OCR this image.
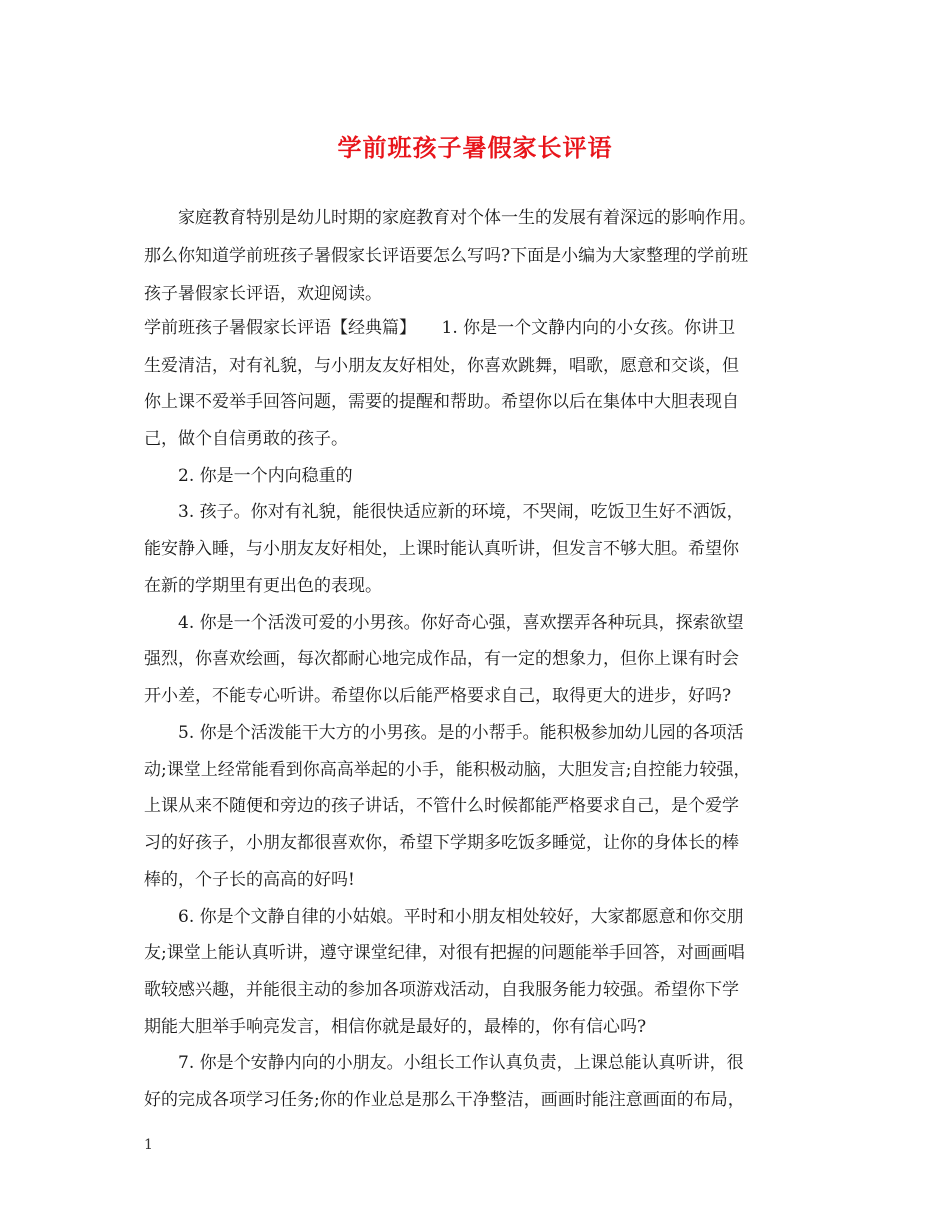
学前班孩子暑假家长评语
家庭教育特别是幼儿时期的家庭教育对个体一生的发展有着深远的影响作用。
那么你知道学前班孩子暑假家长评语要怎么写吗?下面是小编为大家整理的学前班
孩子暑假家长评语，欢迎阅读。
学前班孩子暑假家长评语【经典篇】　　1. 你是一个文静内向的小女孩。你讲卫
生爱清洁，对有礼貌，与小朋友友好相处，你喜欢跳舞，唱歌，愿意和交谈，但
你上课不爱举手回答问题，需要的提醒和帮助。希望你以后在集体中大胆表现自
己，做个自信勇敢的孩子。
2. 你是一个内向稳重的
3. 孩子。你对有礼貌，能很快适应新的环境，不哭闹，吃饭卫生好不洒饭，
能安静入睡，与小朋友友好相处，上课时能认真听讲，但发言不够大胆。希望你
在新的学期里有更出色的表现。
4. 你是一个活泼可爱的小男孩。你好奇心强，喜欢摆弄各种玩具，探索欲望
强烈，你喜欢绘画，每次都耐心地完成作品，有一定的想象力，但你上课有时会
开小差，不能专心听讲。希望你以后能严格要求自己，取得更大的进步，好吗?
5. 你是个活泼能干大方的小男孩。是的小帮手。能积极参加幼儿园的各项活
动;课堂上经常能看到你高高举起的小手，能积极动脑，大胆发言;自控能力较强，
上课从来不随便和旁边的孩子讲话，不管什么时候都能严格要求自己，是个爱学
习的好孩子，小朋友都很喜欢你，希望下学期多吃饭多睡觉，让你的身体长的棒
棒的，个子长的高高的好吗!
6. 你是个文静自律的小姑娘。平时和小朋友相处较好，大家都愿意和你交朋
友;课堂上能认真听讲，遵守课堂纪律，对很有把握的问题能举手回答，对画画唱
歌较感兴趣，并能很主动的参加各项游戏活动，自我服务能力较强。希望你下学
期能大胆举手响亮发言，相信你就是最好的，最棒的，你有信心吗?
7. 你是个安静内向的小朋友。小组长工作认真负责，上课总能认真听讲，很
好的完成各项学习任务;你的作业总是那么干净整洁，画画时能注意画面的布局，
1
